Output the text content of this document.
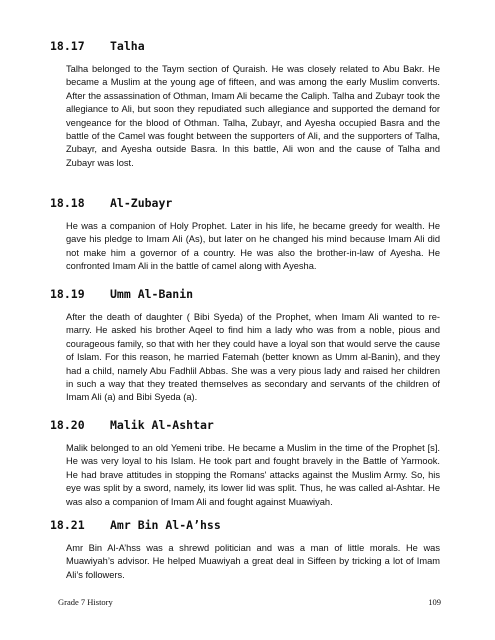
18.17 Talha
Talha belonged to the Taym section of Quraish. He was closely related to Abu Bakr. He became a Muslim at the young age of fifteen, and was among the early Muslim converts. After the assassination of Othman, Imam Ali became the Caliph. Talha and Zubayr took the allegiance to Ali, but soon they repudiated such allegiance and supported the demand for vengeance for the blood of Othman. Talha, Zubayr, and Ayesha occupied Basra and the battle of the Camel was fought between the supporters of Ali, and the supporters of Talha, Zubayr, and Ayesha outside Basra. In this battle, Ali won and the cause of Talha and Zubayr was lost.
18.18 Al-Zubayr
He was a companion of Holy Prophet. Later in his life, he became greedy for wealth. He gave his pledge to Imam Ali (As), but later on he changed his mind because Imam Ali did not make him a governor of a country. He was also the brother-in-law of Ayesha. He confronted Imam Ali in the battle of camel along with Ayesha.
18.19 Umm Al-Banin
After the death of daughter ( Bibi Syeda) of the Prophet, when Imam Ali wanted to re-marry. He asked his brother Aqeel to find him a lady who was from a noble, pious and courageous family, so that with her they could have a loyal son that would serve the cause of Islam. For this reason, he married Fatemah (better known as Umm al-Banin), and they had a child, namely Abu Fadhlil Abbas. She was a very pious lady and raised her children in such a way that they treated themselves as secondary and servants of the children of Imam Ali (a) and Bibi Syeda (a).
18.20 Malik Al-Ashtar
Malik belonged to an old Yemeni tribe. He became a Muslim in the time of the Prophet [s]. He was very loyal to his Islam. He took part and fought bravely in the Battle of Yarmook. He had brave attitudes in stopping the Romans' attacks against the Muslim Army. So, his eye was split by a sword, namely, its lower lid was split. Thus, he was called al-Ashtar. He was also a companion of Imam Ali and fought against Muawiyah.
18.21 Amr Bin Al-A’hss
Amr Bin Al-A’hss was a shrewd politician and was a man of little morals. He was Muawiyah’s advisor. He helped Muawiyah a great deal in Siffeen by tricking a lot of Imam Ali’s followers.
Grade 7 History	109
